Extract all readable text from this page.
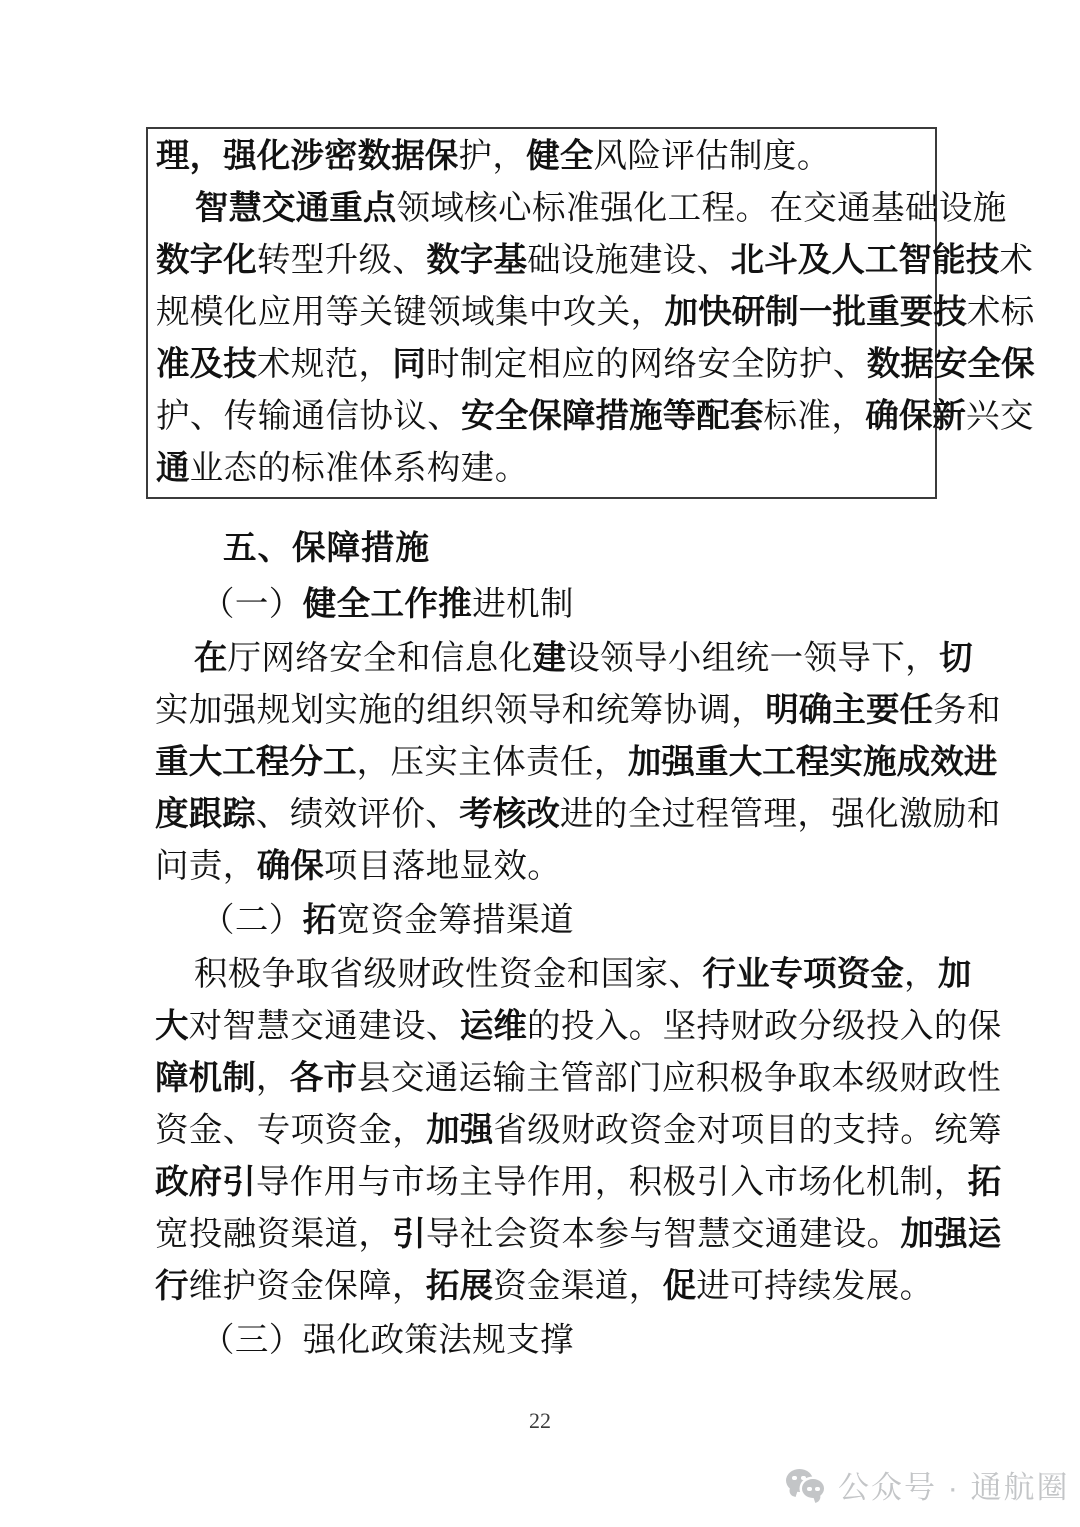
理，强化涉密数据保护，健全风险评估制度。
智慧交通重点领域核心标准强化工程。在交通基础设施
数字化转型升级、数字基础设施建设、北斗及人工智能技术
规模化应用等关键领域集中攻关，加快研制一批重要技术标
准及技术规范，同时制定相应的网络安全防护、数据安全保
护、传输通信协议、安全保障措施等配套标准，确保新兴交
通业态的标准体系构建。
五、保障措施
（一）健全工作推进机制
在厅网络安全和信息化建设领导小组统一领导下，切
实加强规划实施的组织领导和统筹协调，明确主要任务和
重大工程分工，压实主体责任，加强重大工程实施成效进
度跟踪、绩效评价、考核改进的全过程管理，强化激励和
问责，确保项目落地显效。
（二）拓宽资金筹措渠道
积极争取省级财政性资金和国家、行业专项资金，加
大对智慧交通建设、运维的投入。坚持财政分级投入的保
障机制，各市县交通运输主管部门应积极争取本级财政性
资金、专项资金，加强省级财政资金对项目的支持。统筹
政府引导作用与市场主导作用，积极引入市场化机制，拓
宽投融资渠道，引导社会资本参与智慧交通建设。加强运
行维护资金保障，拓展资金渠道，促进可持续发展。
（三）强化政策法规支撑
22
公众号 · 通航圈
